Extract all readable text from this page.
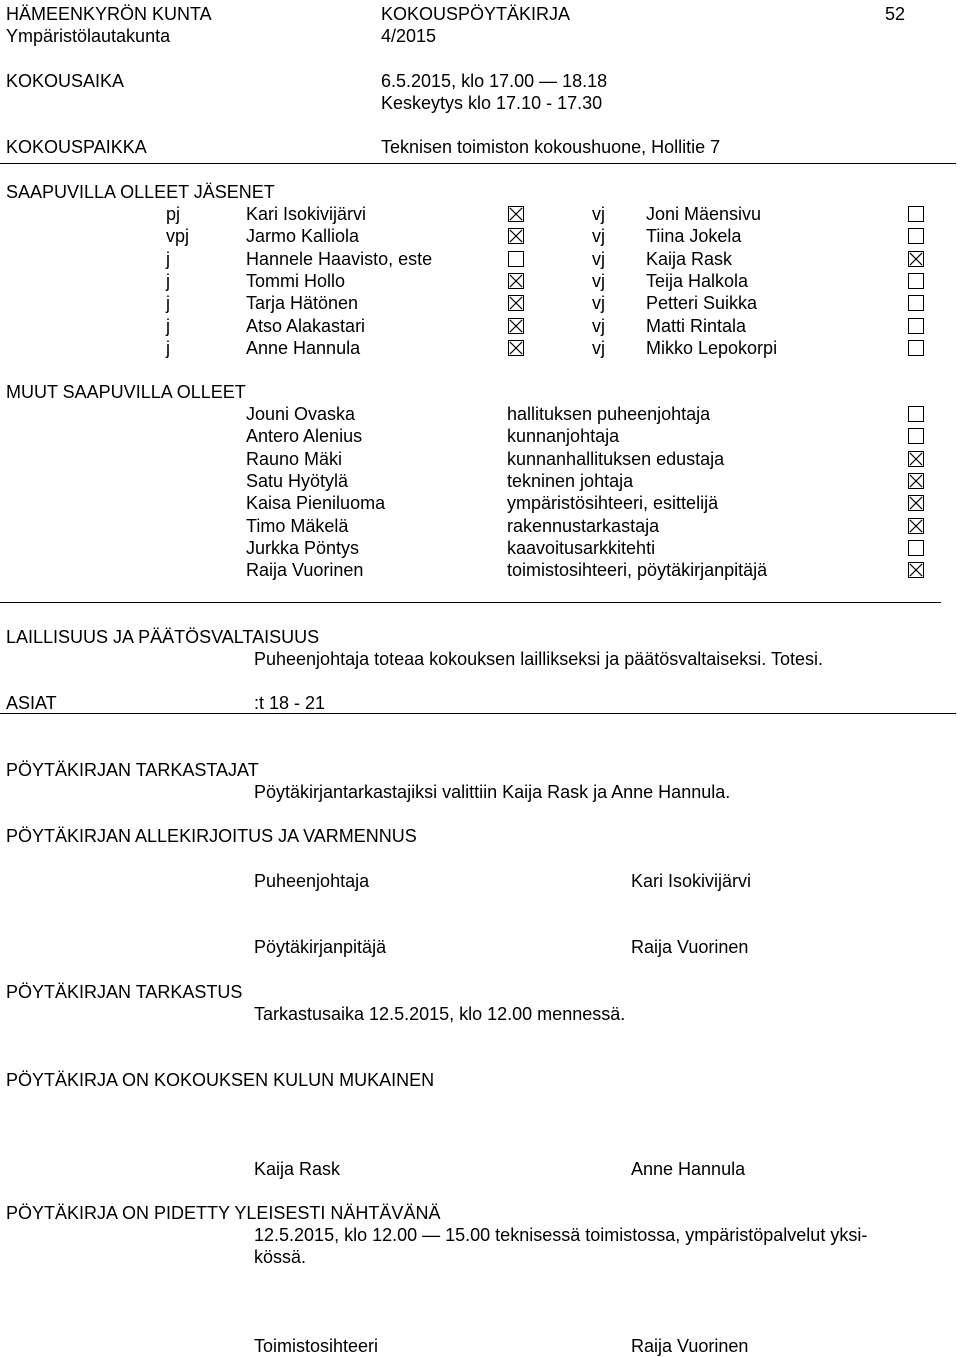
HÄMEENKYRÖN KUNTA	KOKOUSPÖYTÄKIRJA	52
Ympäristölautakunta	4/2015
KOKOUSAIKA	6.5.2015, klo 17.00 — 18.18
Keskeytys klo 17.10 - 17.30
KOKOUSPAIKKA	Teknisen toimiston kokoushuone, Hollitie 7
SAAPUVILLA OLLEET JÄSENET
pj	Kari Isokivijärvi	vj Joni Mäensivu
vpj	Jarmo Kalliola	vj Tiina Jokela
j	Hannele Haavisto, este	vj Kaija Rask
j	Tommi Hollo	vj Teija Halkola
j	Tarja Hätönen	vj Petteri Suikka
j	Atso Alakastari	vj Matti Rintala
j	Anne Hannula	vj Mikko Lepokorpi
MUUT SAAPUVILLA OLLEET
Jouni Ovaska	hallituksen puheenjohtaja
Antero Alenius	kunnanjohtaja
Rauno Mäki	kunnanhallituksen edustaja
Satu Hyötylä	tekninen johtaja
Kaisa Pieniluoma	ympäristösihteeri, esittelijä
Timo Mäkelä	rakennustarkastaja
Jurkka Pöntys	kaavoitusarkkitehti
Raija Vuorinen	toimistosihteeri, pöytäkirjanpitäjä
LAILLISUUS JA PÄÄTÖSVALTAISUUS
Puheenjohtaja toteaa kokouksen laillikseksi ja päätösvaltaiseksi. Totesi.
ASIAT	:t 18 - 21
PÖYTÄKIRJAN TARKASTAJAT
Pöytäkirjantarkastajiksi valittiin Kaija Rask ja Anne Hannula.
PÖYTÄKIRJAN ALLEKIRJOITUS JA VARMENNUS
Puheenjohtaja	Kari Isokivijärvi
Pöytäkirjanpitäjä	Raija Vuorinen
PÖYTÄKIRJAN TARKASTUS
Tarkastusaika 12.5.2015, klo 12.00 mennessä.
PÖYTÄKIRJA ON KOKOUKSEN KULUN MUKAINEN
Kaija Rask	Anne Hannula
PÖYTÄKIRJA ON PIDETTY YLEISESTI NÄHTÄVÄNÄ
12.5.2015, klo 12.00 — 15.00 teknisessä toimistossa, ympäristöpalvelut yksi-
kössä.
Toimistosihteeri	Raija Vuorinen
